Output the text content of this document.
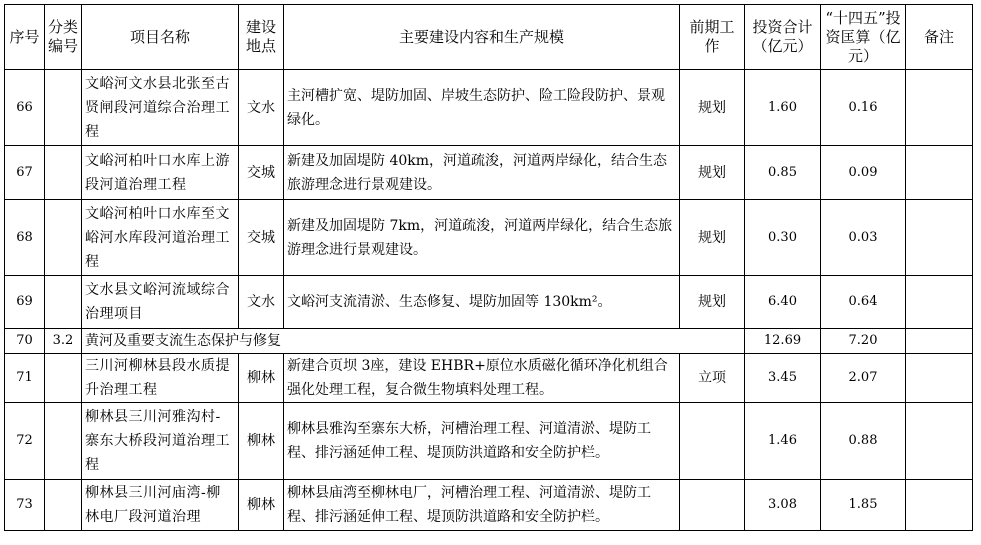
序号	分类编号	项目名称	建设地点	主要建设内容和生产规模	前期工作	投资合计（亿元）	“十四五”投资匡算（亿元）	备注
66		文峪河文水县北张至古贤闸段河道综合治理工程	文水	主河槽扩宽、堤防加固、岸坡生态防护、险工险段防护、景观绿化。	规划	1.60	0.16	
67		文峪河柏叶口水库上游段河道治理工程	交城	新建及加固堤防 40km，河道疏浚，河道两岸绿化，结合生态旅游理念进行景观建设。	规划	0.85	0.09	
68		文峪河柏叶口水库至文峪河水库段河道治理工程	交城	新建及加固堤防 7km，河道疏浚，河道两岸绿化，结合生态旅游理念进行景观建设。	规划	0.30	0.03	
69		文水县文峪河流域综合治理项目	文水	文峪河支流清淤、生态修复、堤防加固等 130km²。	规划	6.40	0.64	
70	3.2	黄河及重要支流生态保护与修复				12.69	7.20	
71		三川河柳林县段水质提升治理工程	柳林	新建合页坝 3座，建设 EHBR+原位水质磁化循环净化机组合强化处理工程，复合微生物填料处理工程。	立项	3.45	2.07	
72		柳林县三川河雅沟村-寨东大桥段河道治理工程	柳林	柳林县雅沟至寨东大桥，河槽治理工程、河道清淤、堤防工程、排污涵延伸工程、堤顶防洪道路和安全防护栏。		1.46	0.88	
73		柳林县三川河庙湾-柳林电厂段河道治理	柳林	柳林县庙湾至柳林电厂，河槽治理工程、河道清淤、堤防工程、排污涵延伸工程、堤顶防洪道路和安全防护栏。		3.08	1.85	
